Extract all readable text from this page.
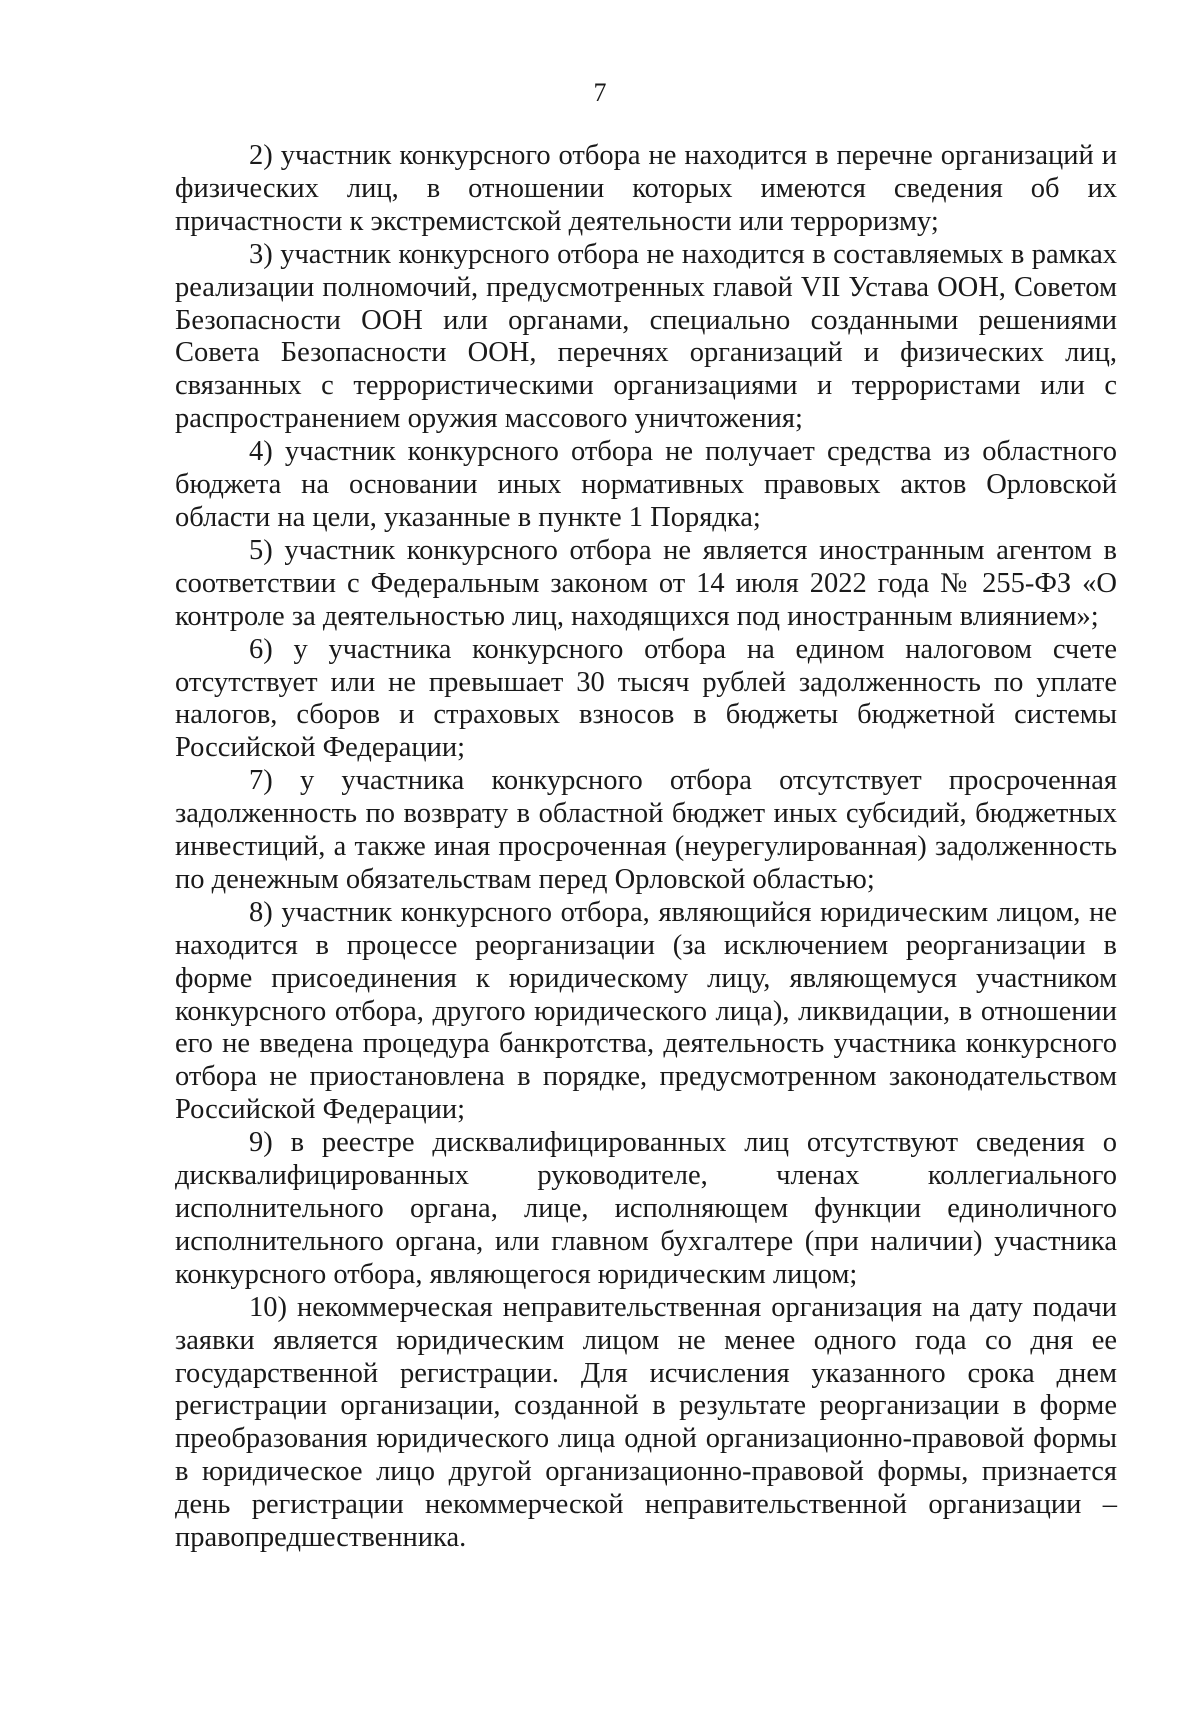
7

2) участник конкурсного отбора не находится в перечне организаций и физических лиц, в отношении которых имеются сведения об их причастности к экстремистской деятельности или терроризму;

3) участник конкурсного отбора не находится в составляемых в рамках реализации полномочий, предусмотренных главой VII Устава ООН, Советом Безопасности ООН или органами, специально созданными решениями Совета Безопасности ООН, перечнях организаций и физических лиц, связанных с террористическими организациями и террористами или с распространением оружия массового уничтожения;

4) участник конкурсного отбора не получает средства из областного бюджета на основании иных нормативных правовых актов Орловской области на цели, указанные в пункте 1 Порядка;

5) участник конкурсного отбора не является иностранным агентом в соответствии с Федеральным законом от 14 июля 2022 года № 255-ФЗ «О контроле за деятельностью лиц, находящихся под иностранным влиянием»;

6) у участника конкурсного отбора на едином налоговом счете отсутствует или не превышает 30 тысяч рублей задолженность по уплате налогов, сборов и страховых взносов в бюджеты бюджетной системы Российской Федерации;

7) у участника конкурсного отбора отсутствует просроченная задолженность по возврату в областной бюджет иных субсидий, бюджетных инвестиций, а также иная просроченная (неурегулированная) задолженность по денежным обязательствам перед Орловской областью;

8) участник конкурсного отбора, являющийся юридическим лицом, не находится в процессе реорганизации (за исключением реорганизации в форме присоединения к юридическому лицу, являющемуся участником конкурсного отбора, другого юридического лица), ликвидации, в отношении его не введена процедура банкротства, деятельность участника конкурсного отбора не приостановлена в порядке, предусмотренном законодательством Российской Федерации;

9) в реестре дисквалифицированных лиц отсутствуют сведения о дисквалифицированных руководителе, членах коллегиального исполнительного органа, лице, исполняющем функции единоличного исполнительного органа, или главном бухгалтере (при наличии) участника конкурсного отбора, являющегося юридическим лицом;

10) некоммерческая неправительственная организация на дату подачи заявки является юридическим лицом не менее одного года со дня ее государственной регистрации. Для исчисления указанного срока днем регистрации организации, созданной в результате реорганизации в форме преобразования юридического лица одной организационно-правовой формы в юридическое лицо другой организационно-правовой формы, признается день регистрации некоммерческой неправительственной организации – правопредшественника.
